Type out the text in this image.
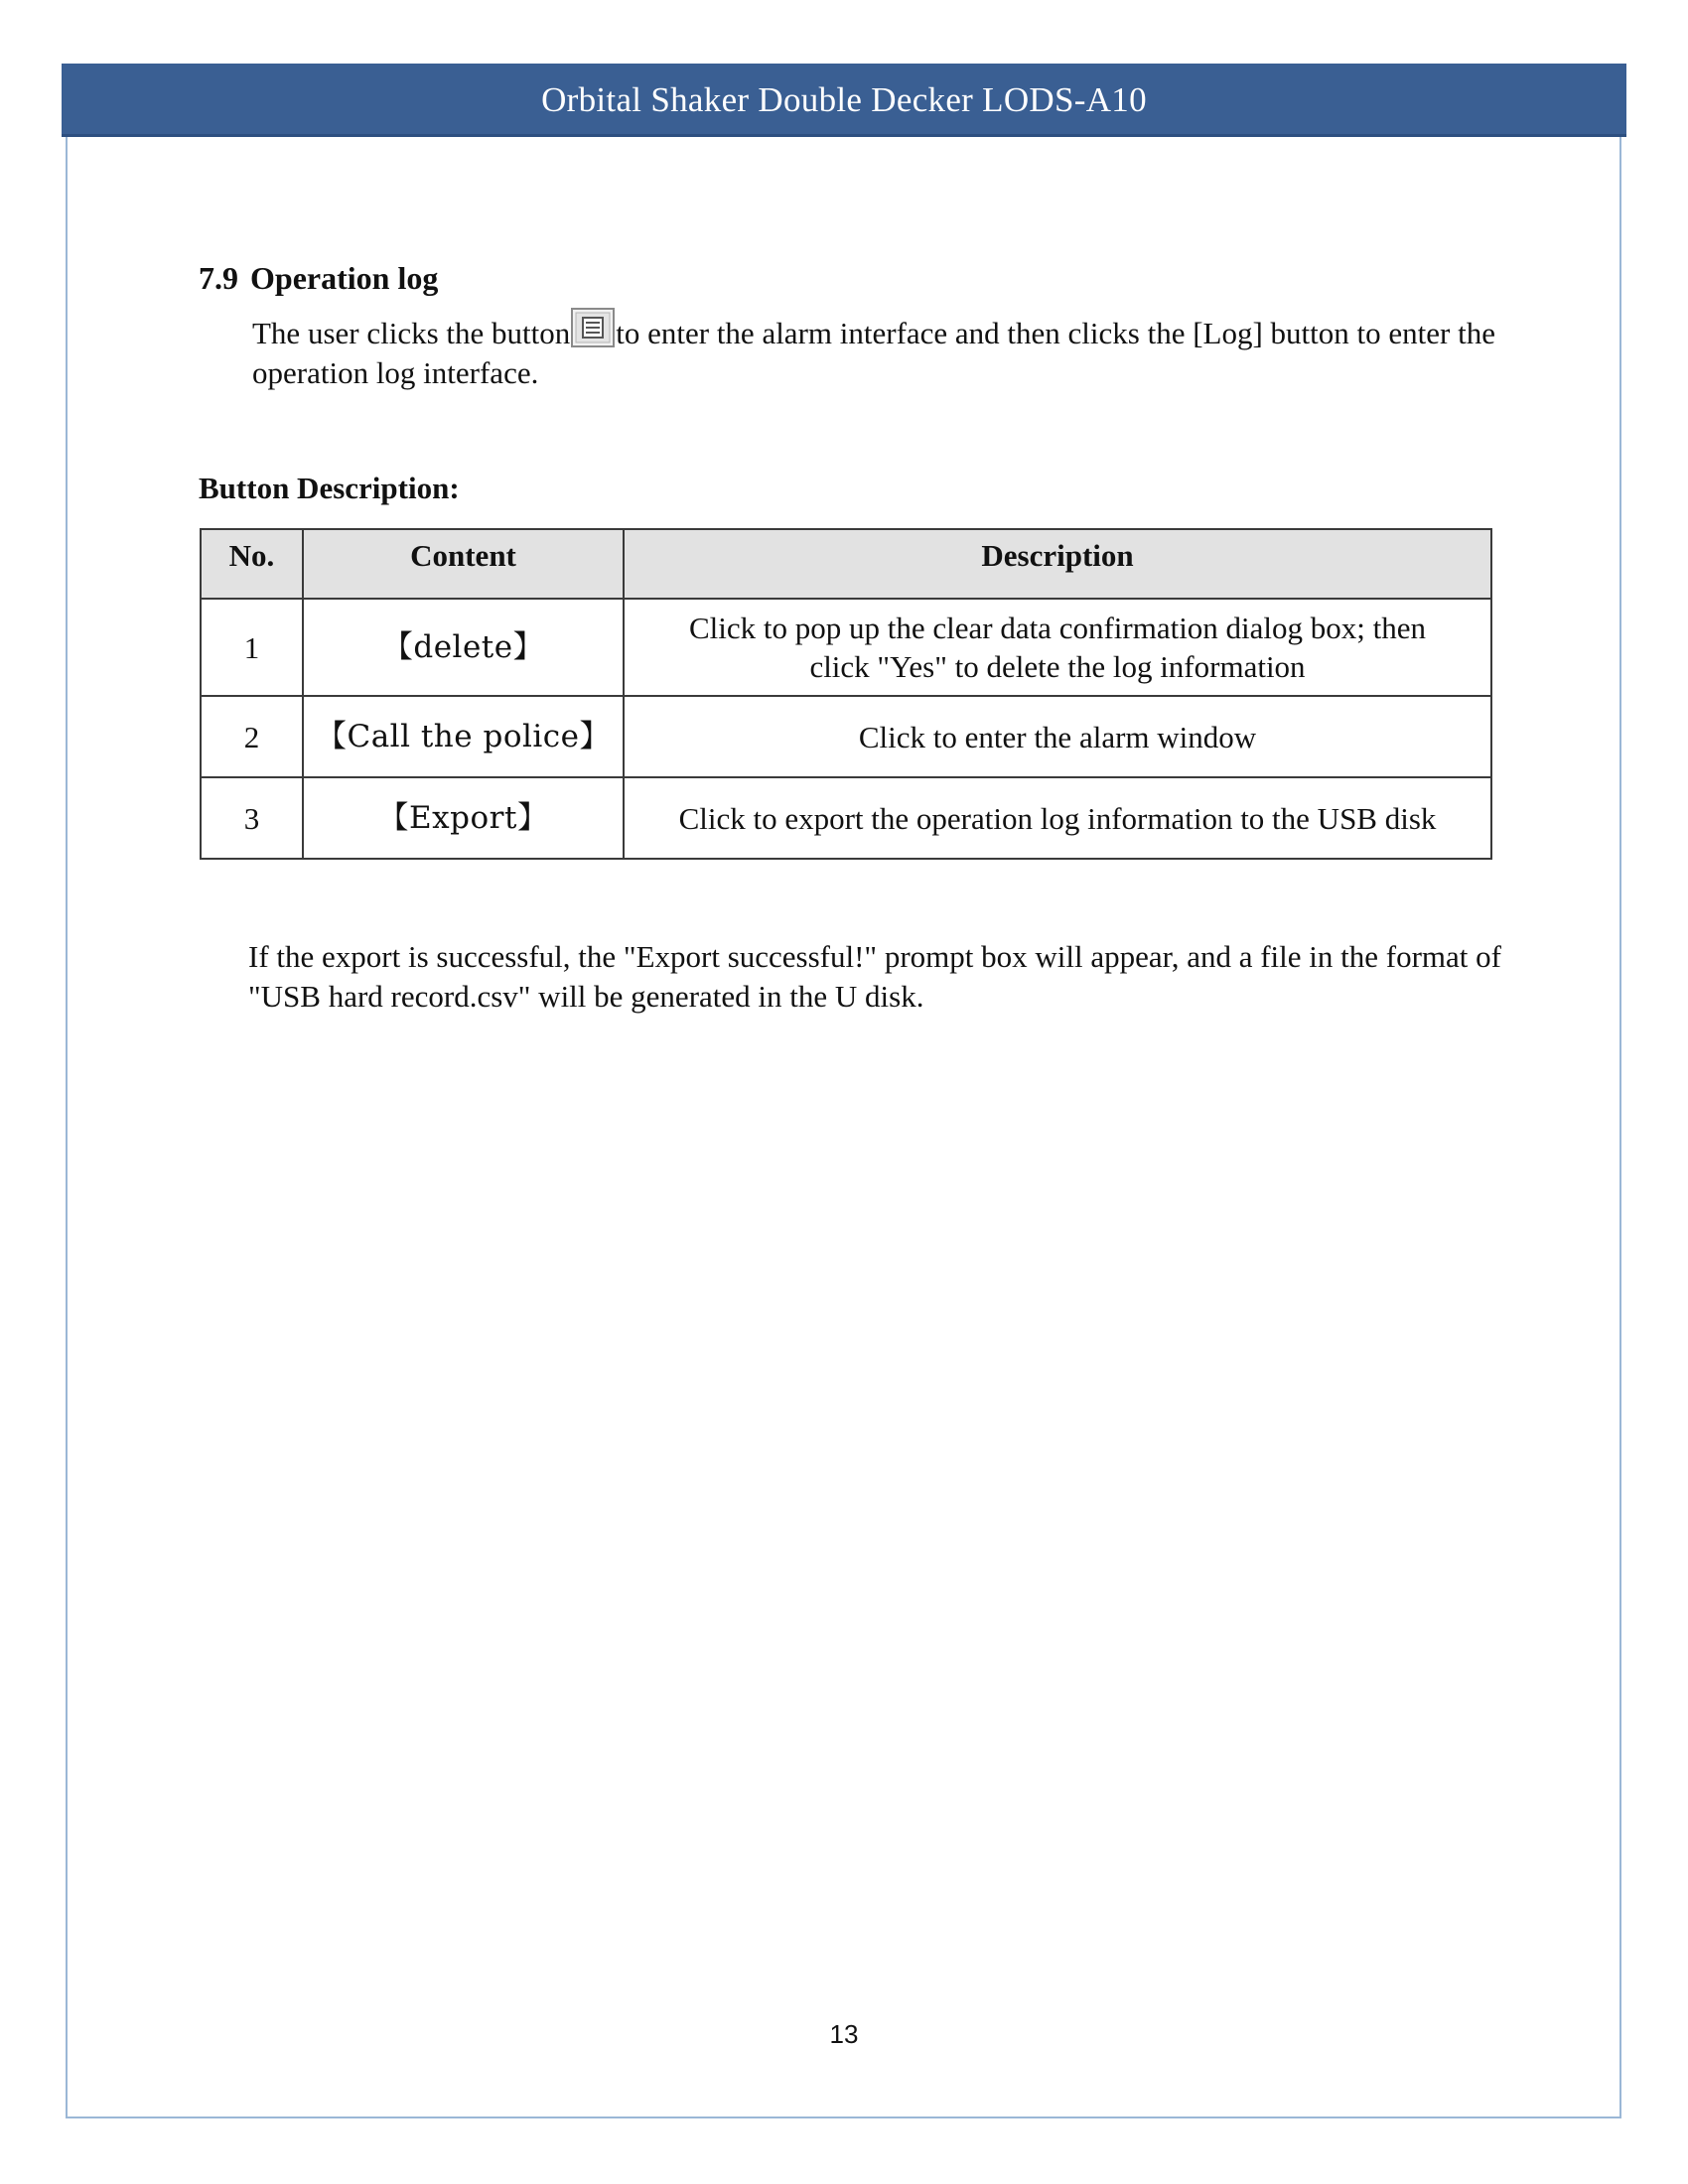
Orbital Shaker Double Decker LODS-A10
7.9 Operation log
The user clicks the button to enter the alarm interface and then clicks the [Log] button to enter the operation log interface.
Button Description:
No.	Content	Description
1	【delete】	Click to pop up the clear data confirmation dialog box; then
click "Yes" to delete the log information

2	【Call the police】	Click to enter the alarm window
3	【Export】	Click to export the operation log information to the USB disk
If the export is successful, the "Export successful!" prompt box will appear, and a file in the format of "USB hard record.csv" will be generated in the U disk.
13
